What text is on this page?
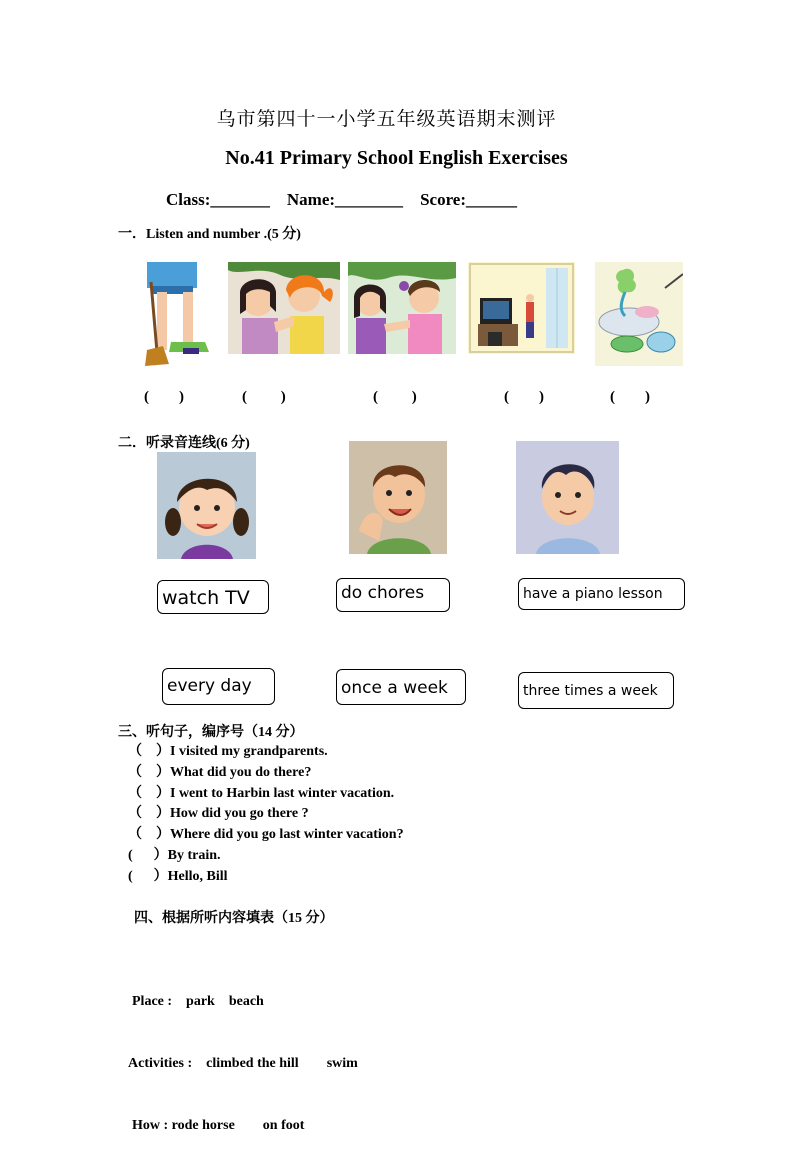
乌市第四十一小学五年级英语期末测评
No.41 Primary School English Exercises
Class:_______ Name:________ Score:______
一．Listen and number .(5 分)
(        )	(         )	(         )	(        )	(        )
二．听录音连线(6 分)
watch TV	do chores	have a piano lesson
every day	once a week	three times a week
三、听句子，编序号（14 分）
（    ）I visited my grandparents.
（    ）What did you do there?
（    ）I went to Harbin last winter vacation.
（    ）How did you go there ?
（    ）Where did you go last winter vacation?
(      ）By train.
(      ）Hello, Bill
四、根据所听内容填表（15 分）

Place :    park    beach

Activities :    climbed the hill        swim

How : rode horse        on foot
